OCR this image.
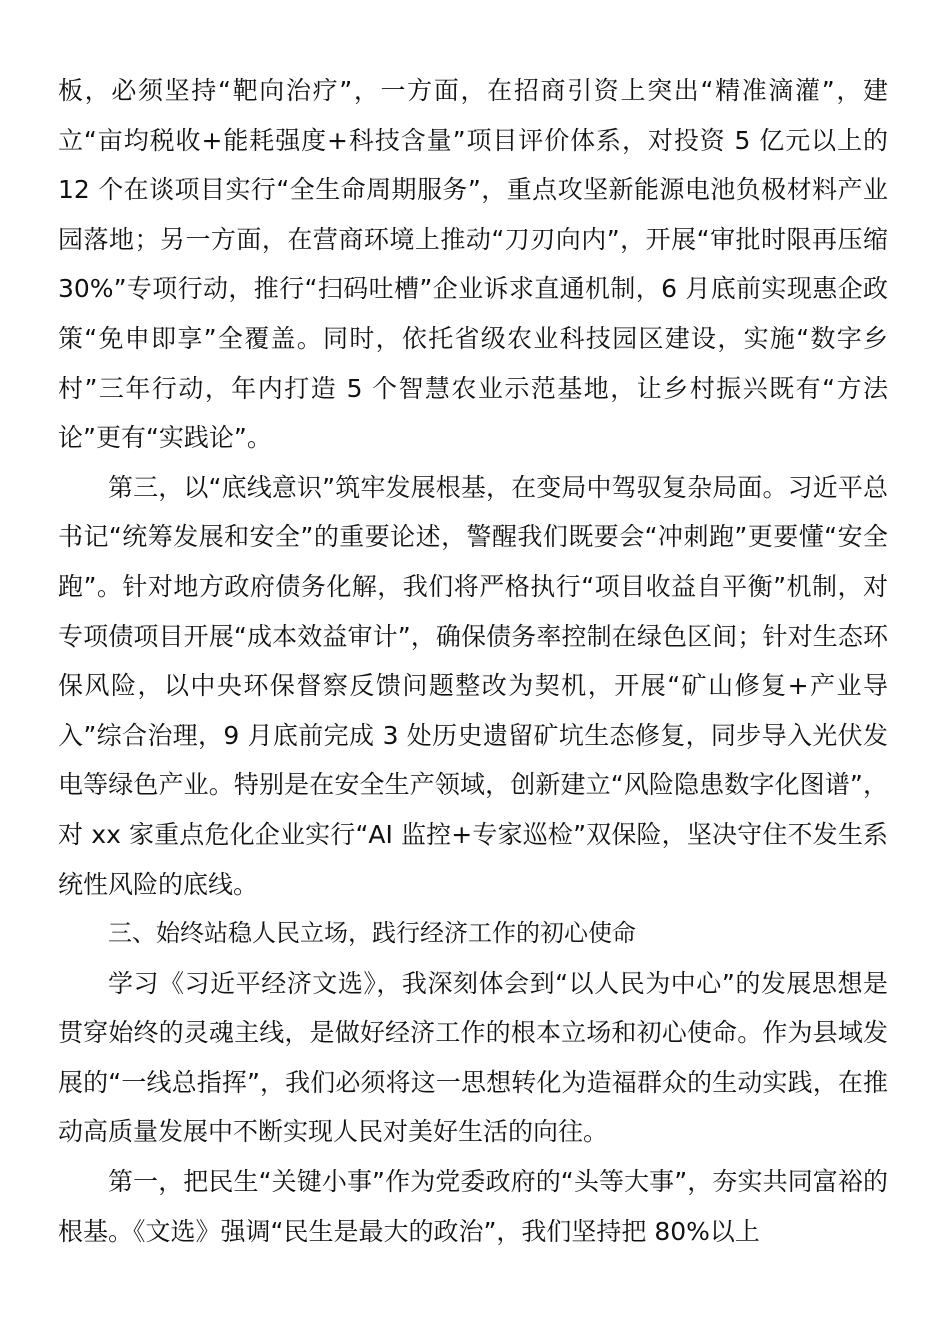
板，必须坚持“靶向治疗”，一方面，在招商引资上突出“精准滴灌”，建立“亩均税收+能耗强度+科技含量”项目评价体系，对投资 5 亿元以上的 12 个在谈项目实行“全生命周期服务”，重点攻坚新能源电池负极材料产业园落地；另一方面，在营商环境上推动“刀刃向内”，开展“审批时限再压缩 30%”专项行动，推行“扫码吐槽”企业诉求直通机制，6 月底前实现惠企政策“免申即享”全覆盖。同时，依托省级农业科技园区建设，实施“数字乡村”三年行动，年内打造 5 个智慧农业示范基地，让乡村振兴既有“方法论”更有“实践论”。

第三，以“底线意识”筑牢发展根基，在变局中驾驭复杂局面。习近平总书记“统筹发展和安全”的重要论述，警醒我们既要会“冲刺跑”更要懂“安全跑”。针对地方政府债务化解，我们将严格执行“项目收益自平衡”机制，对专项债项目开展“成本效益审计”，确保债务率控制在绿色区间；针对生态环保风险，以中央环保督察反馈问题整改为契机，开展“矿山修复+产业导入”综合治理，9 月底前完成 3 处历史遗留矿坑生态修复，同步导入光伏发电等绿色产业。特别是在安全生产领域，创新建立“风险隐患数字化图谱”，对 xx 家重点危化企业实行“AI 监控+专家巡检”双保险，坚决守住不发生系统性风险的底线。

三、始终站稳人民立场，践行经济工作的初心使命

学习《习近平经济文选》，我深刻体会到“以人民为中心”的发展思想是贯穿始终的灵魂主线，是做好经济工作的根本立场和初心使命。作为县域发展的“一线总指挥”，我们必须将这一思想转化为造福群众的生动实践，在推动高质量发展中不断实现人民对美好生活的向往。

第一，把民生“关键小事”作为党委政府的“头等大事”，夯实共同富裕的根基。《文选》强调“民生是最大的政治”，我们坚持把 80%以上
